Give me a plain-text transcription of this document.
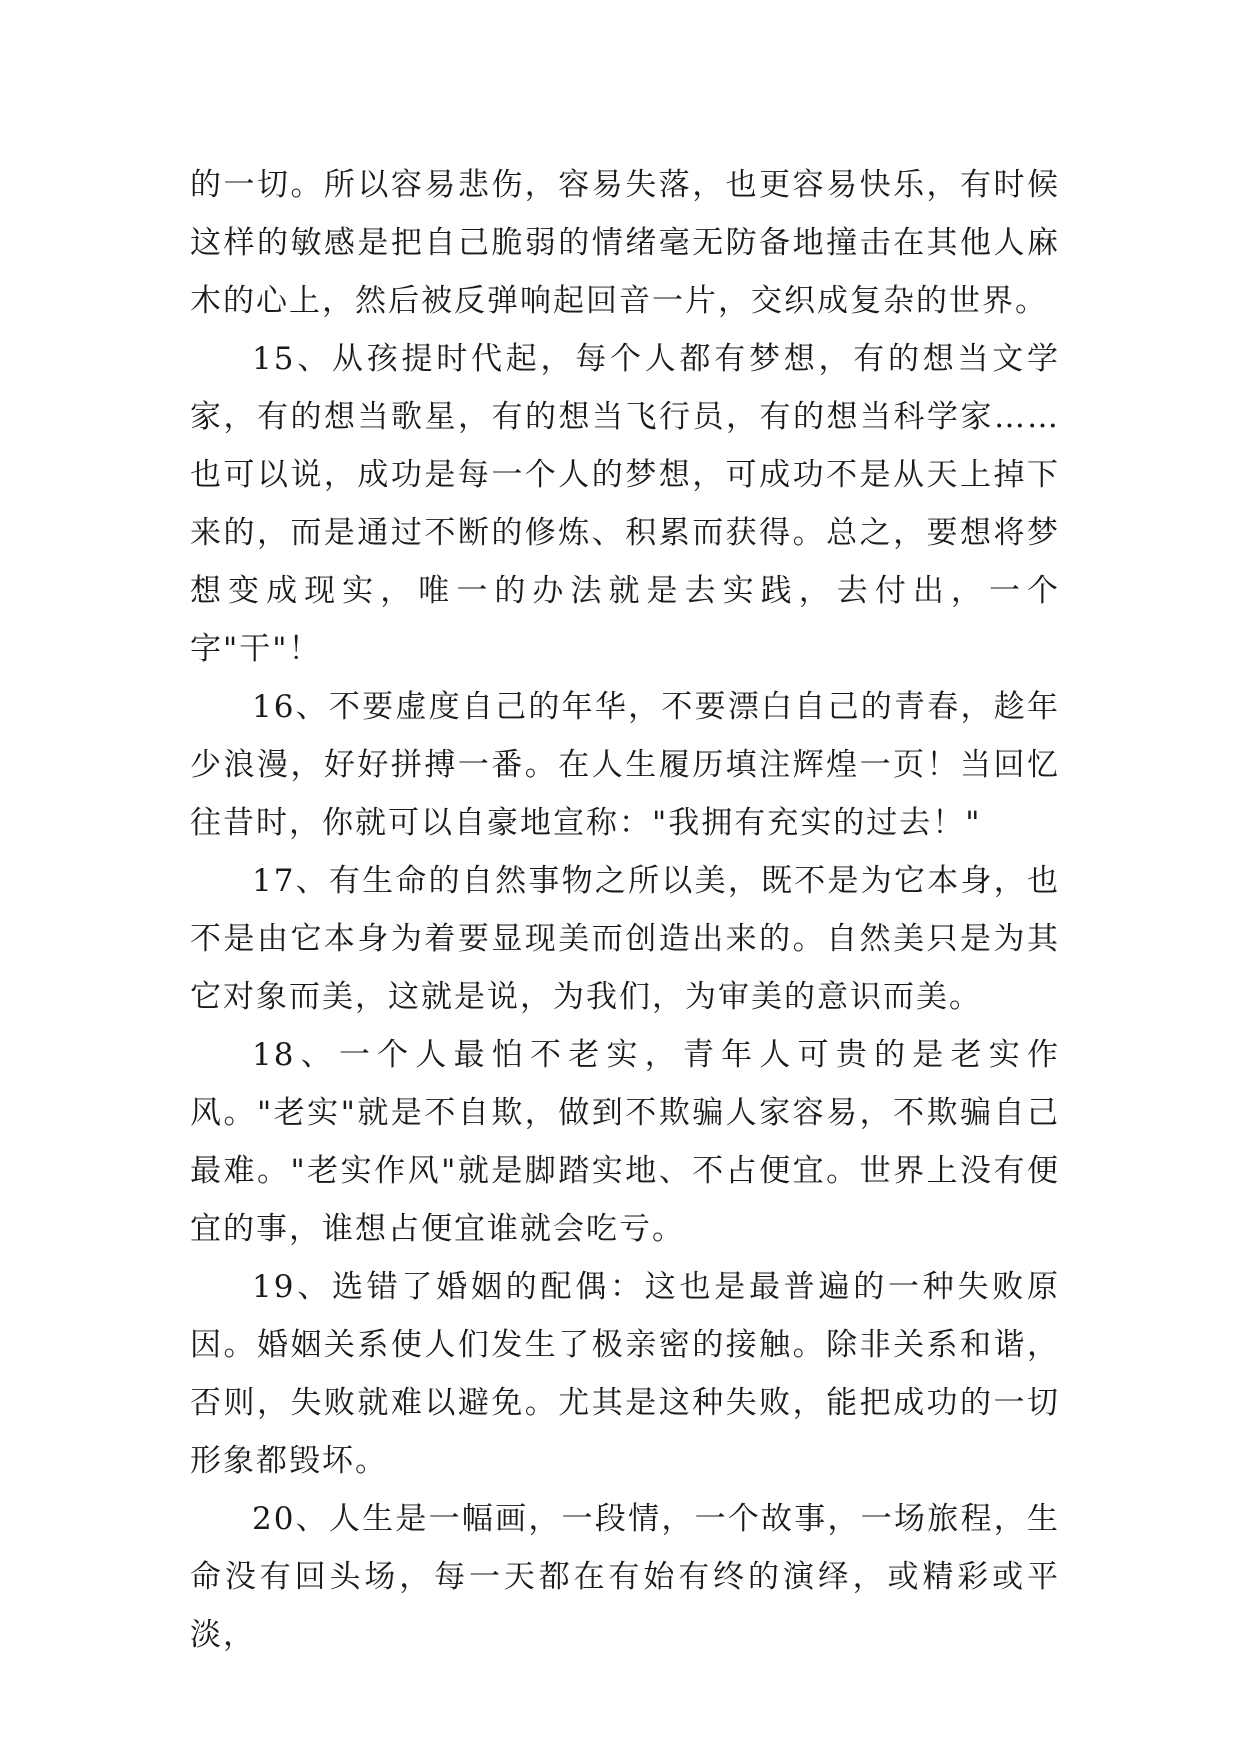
的一切。所以容易悲伤，容易失落，也更容易快乐，有时候这样的敏感是把自己脆弱的情绪毫无防备地撞击在其他人麻木的心上，然后被反弹响起回音一片，交织成复杂的世界。

15、从孩提时代起，每个人都有梦想，有的想当文学家，有的想当歌星，有的想当飞行员，有的想当科学家……也可以说，成功是每一个人的梦想，可成功不是从天上掉下来的，而是通过不断的修炼、积累而获得。总之，要想将梦想变成现实，唯一的办法就是去实践，去付出，一个字"干"！

16、不要虚度自己的年华，不要漂白自己的青春，趁年少浪漫，好好拼搏一番。在人生履历填注辉煌一页！当回忆往昔时，你就可以自豪地宣称："我拥有充实的过去！"

17、有生命的自然事物之所以美，既不是为它本身，也不是由它本身为着要显现美而创造出来的。自然美只是为其它对象而美，这就是说，为我们，为审美的意识而美。

18、一个人最怕不老实，青年人可贵的是老实作风。"老实"就是不自欺，做到不欺骗人家容易，不欺骗自己最难。"老实作风"就是脚踏实地、不占便宜。世界上没有便宜的事，谁想占便宜谁就会吃亏。

19、选错了婚姻的配偶：这也是最普遍的一种失败原因。婚姻关系使人们发生了极亲密的接触。除非关系和谐，否则，失败就难以避免。尤其是这种失败，能把成功的一切形象都毁坏。

20、人生是一幅画，一段情，一个故事，一场旅程，生命没有回头场，每一天都在有始有终的演绎，或精彩或平淡，
